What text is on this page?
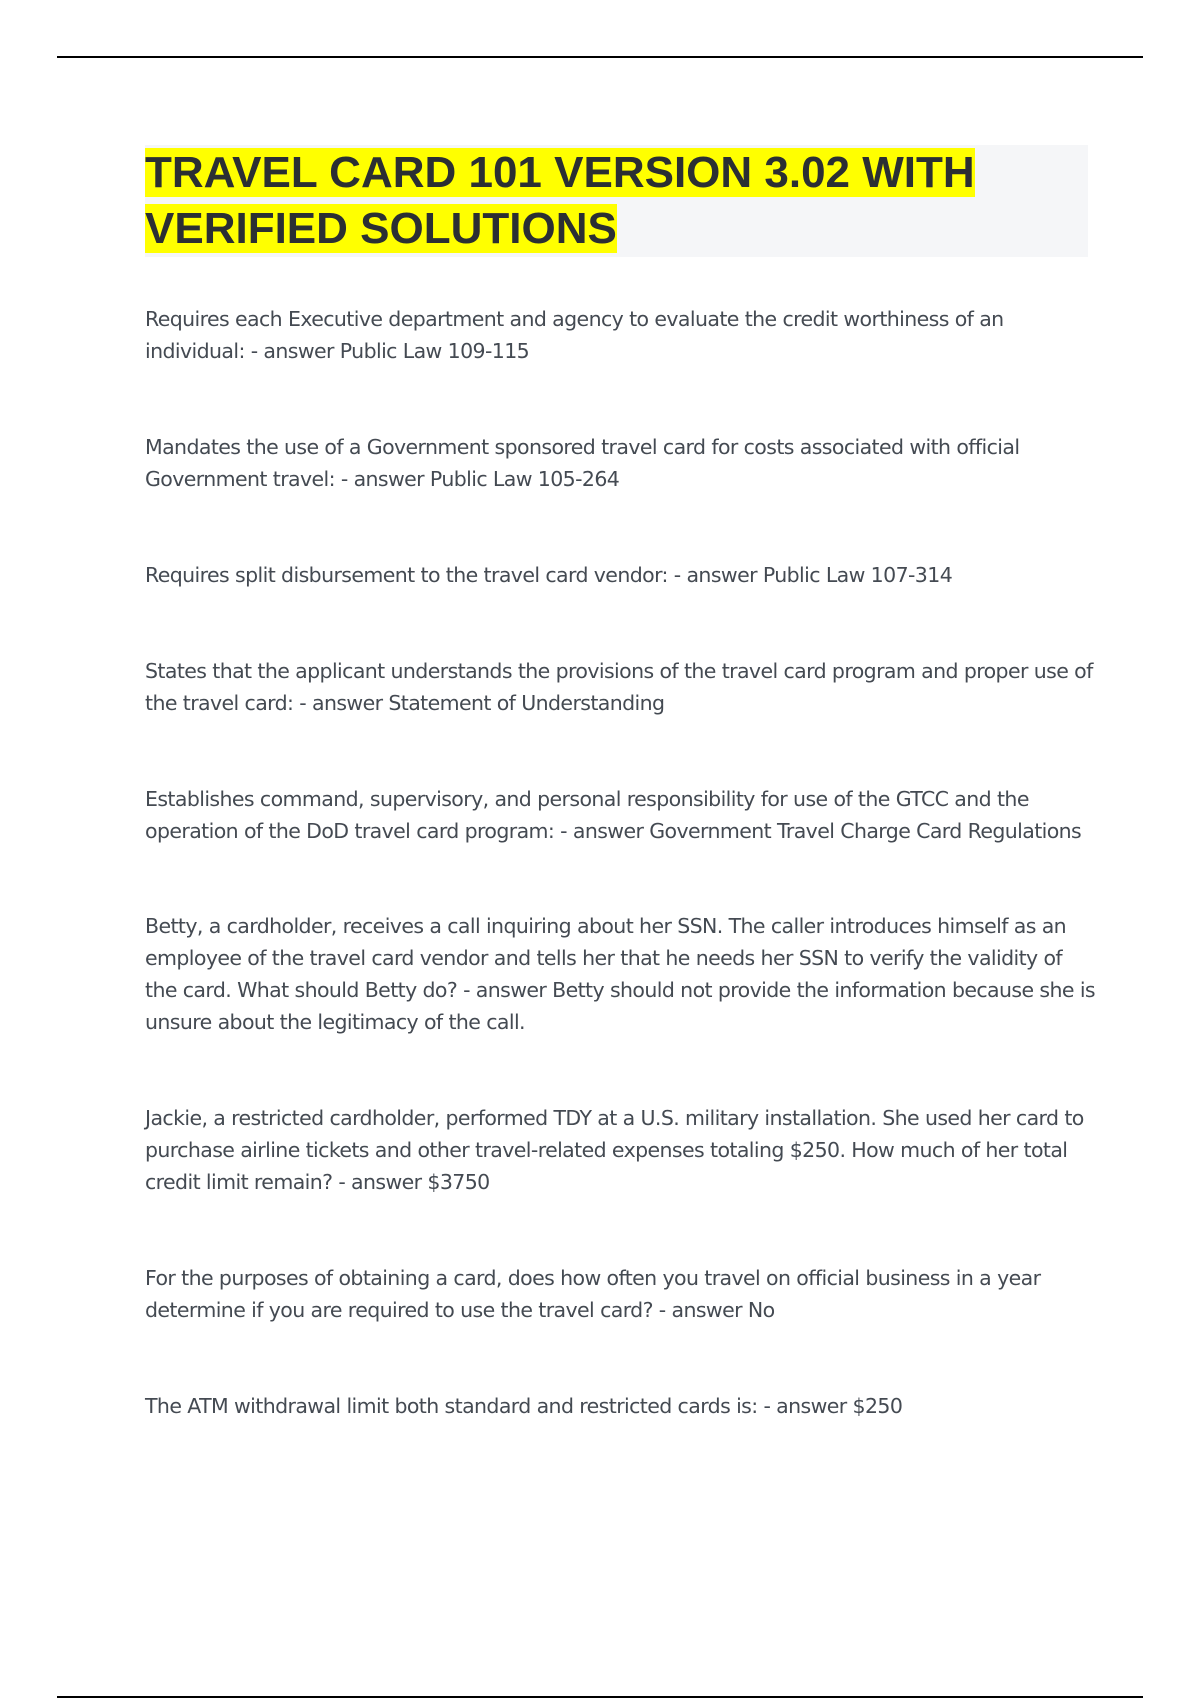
TRAVEL CARD 101 VERSION 3.02 WITH
VERIFIED SOLUTIONS

Requires each Executive department and agency to evaluate the credit worthiness of an individual: - answer Public Law 109-115

Mandates the use of a Government sponsored travel card for costs associated with official Government travel: - answer Public Law 105-264

Requires split disbursement to the travel card vendor: - answer Public Law 107-314

States that the applicant understands the provisions of the travel card program and proper use of the travel card: - answer Statement of Understanding

Establishes command, supervisory, and personal responsibility for use of the GTCC and the operation of the DoD travel card program: - answer Government Travel Charge Card Regulations

Betty, a cardholder, receives a call inquiring about her SSN. The caller introduces himself as an employee of the travel card vendor and tells her that he needs her SSN to verify the validity of the card. What should Betty do? - answer Betty should not provide the information because she is unsure about the legitimacy of the call.

Jackie, a restricted cardholder, performed TDY at a U.S. military installation. She used her card to purchase airline tickets and other travel-related expenses totaling $250. How much of her total credit limit remain? - answer $3750

For the purposes of obtaining a card, does how often you travel on official business in a year determine if you are required to use the travel card? - answer No

The ATM withdrawal limit both standard and restricted cards is: - answer $250
